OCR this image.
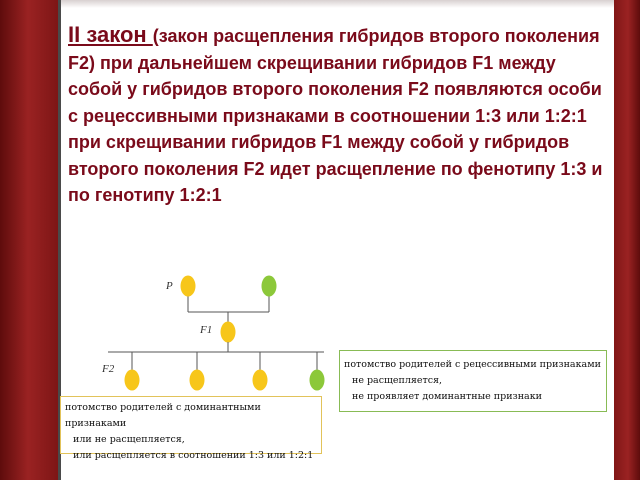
II закон (закон расщепления гибридов второго поколения F2) при дальнейшем скрещивании гибридов F1 между собой у гибридов второго поколения F2 появляются особи с рецессивными признаками в соотношении 1:3 или 1:2:1 при скрещивании гибридов F1 между собой у гибридов второго поколения F2 идет расщепление по фенотипу 1:3 и по генотипу 1:2:1
P
F1
F2	потомство родителей с рецессивными признаками
не расщепляется,
не проявляет доминантные признаки
потомство родителей с доминантными признаками
или не расщепляется,
или расщепляется в соотношении 1:3 или 1:2:1
